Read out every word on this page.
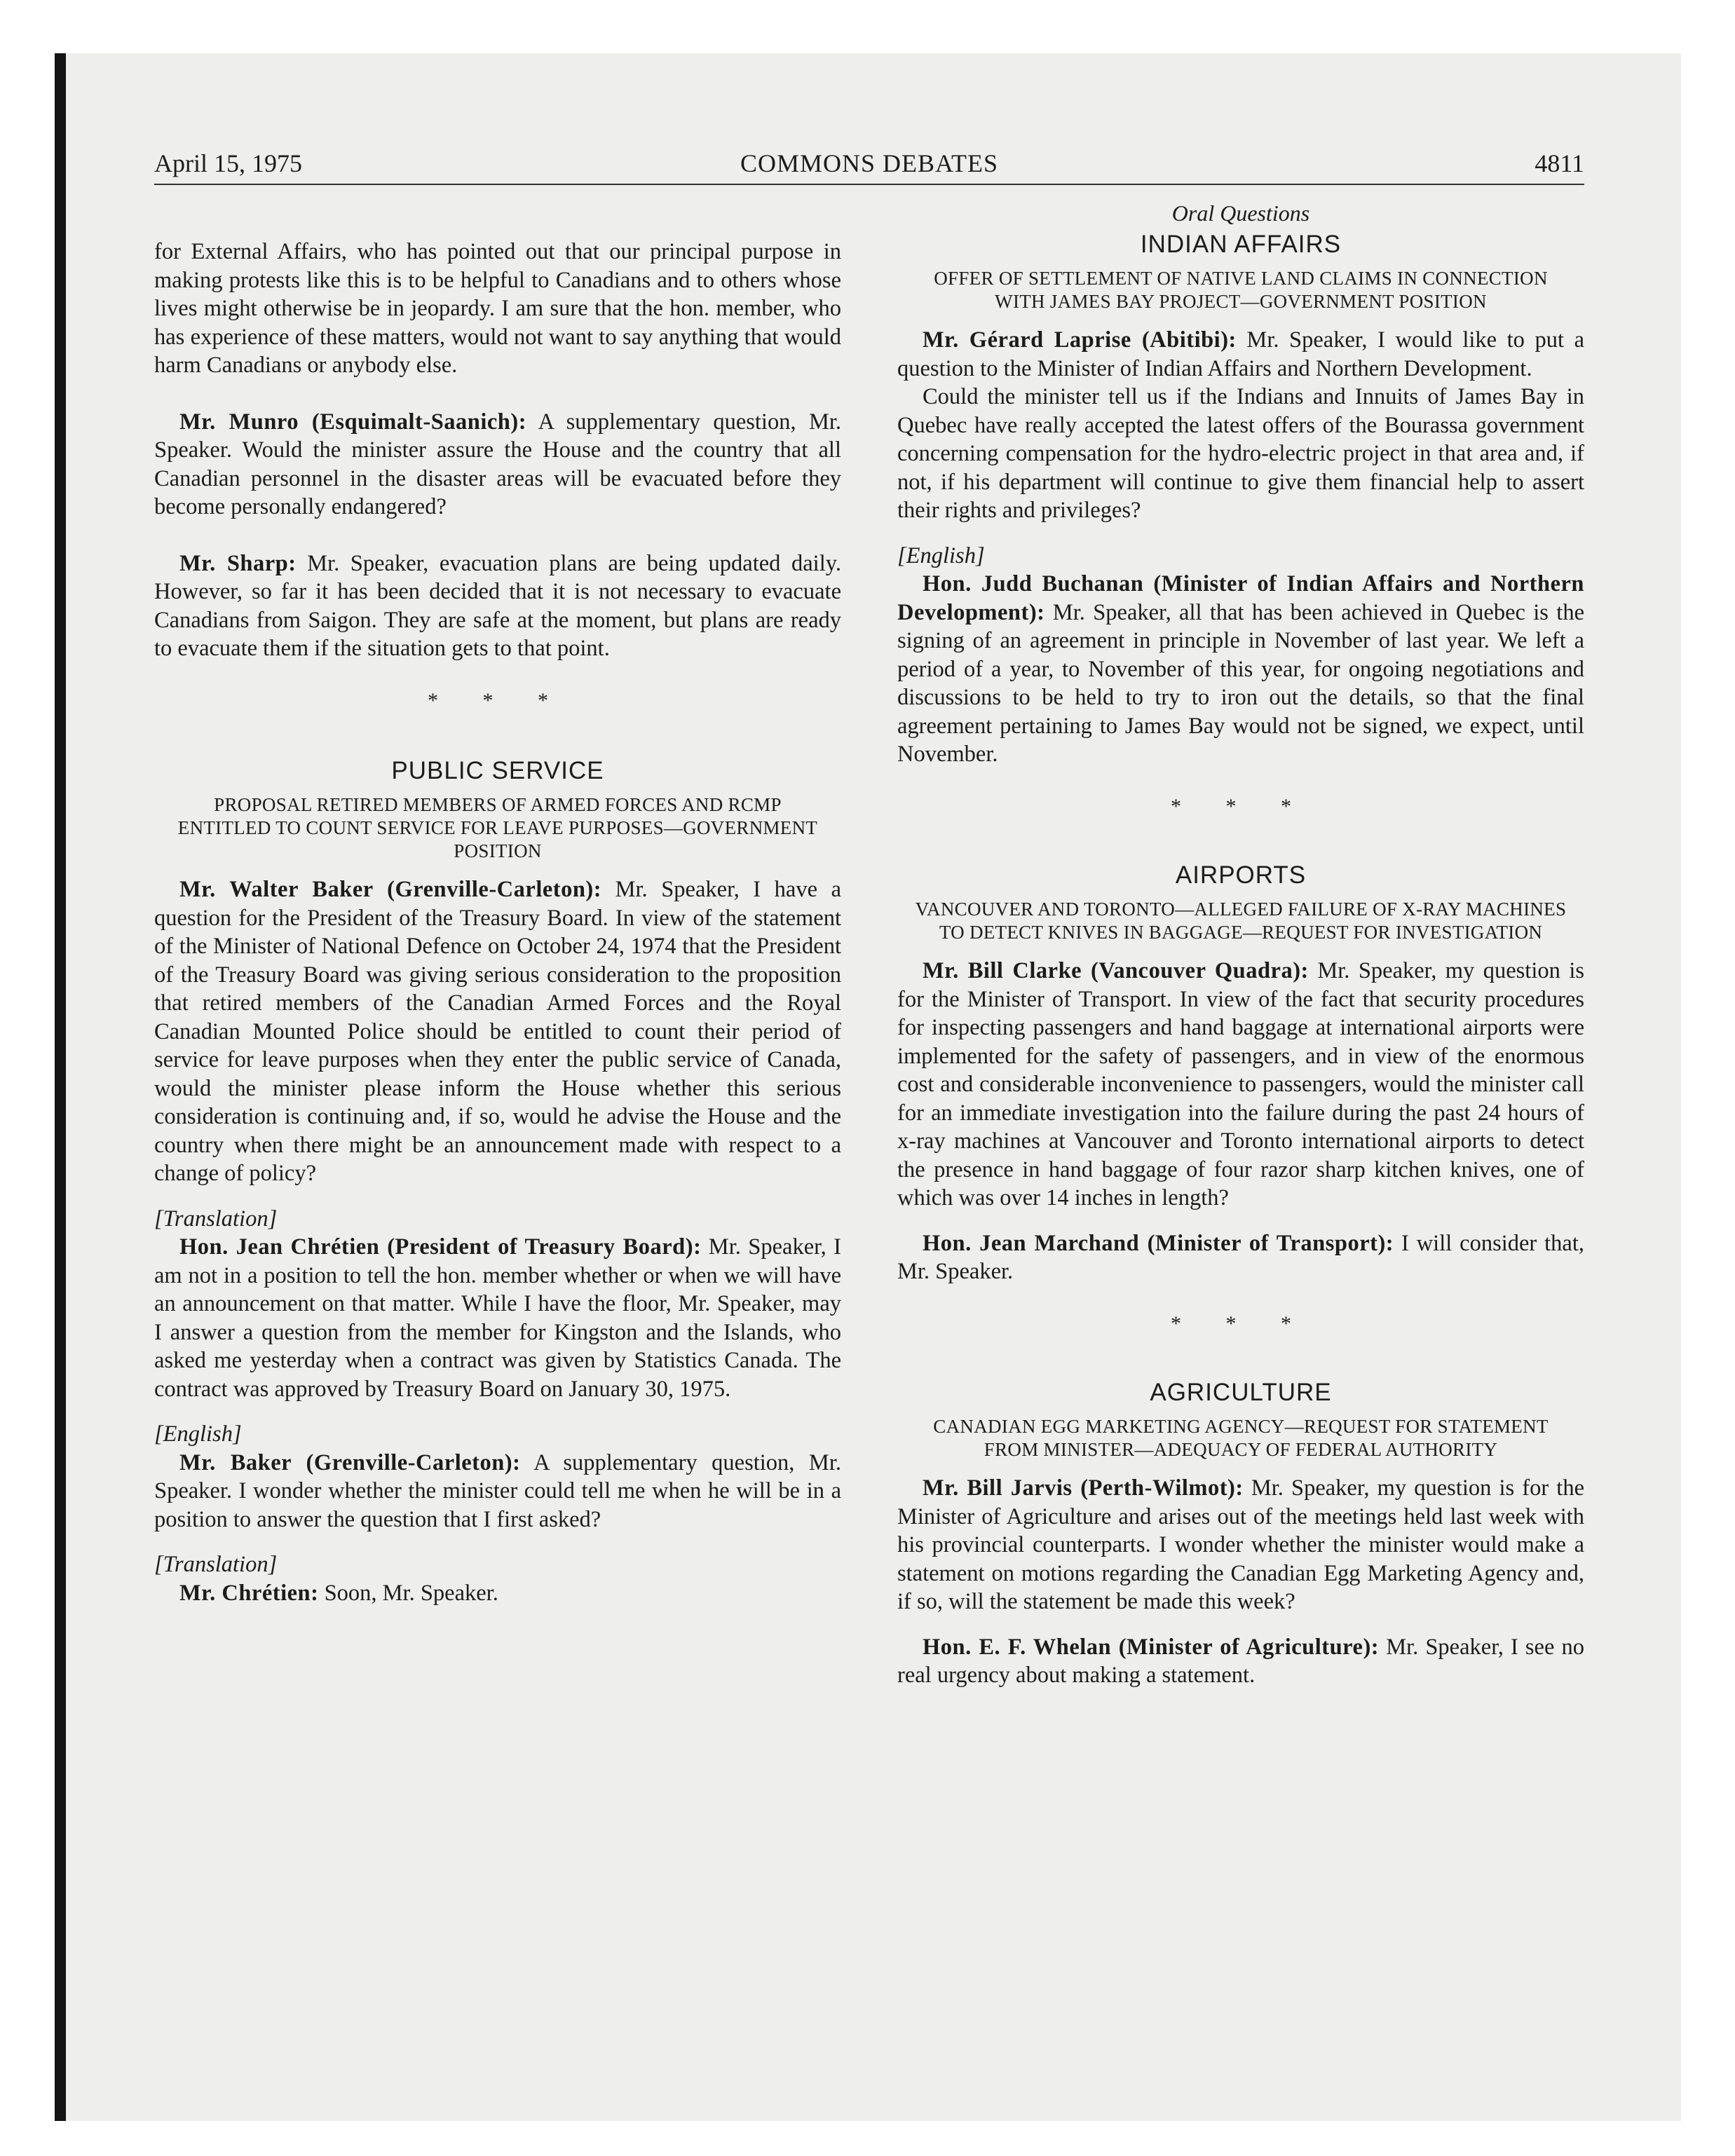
April 15, 1975	COMMONS DEBATES	4811

for External Affairs, who has pointed out that our principal purpose in making protests like this is to be helpful to Canadians and to others whose lives might otherwise be in jeopardy. I am sure that the hon. member, who has experience of these matters, would not want to say anything that would harm Canadians or anybody else.

Mr. Munro (Esquimalt-Saanich): A supplementary question, Mr. Speaker. Would the minister assure the House and the country that all Canadian personnel in the disaster areas will be evacuated before they become personally endangered?

Mr. Sharp: Mr. Speaker, evacuation plans are being updated daily. However, so far it has been decided that it is not necessary to evacuate Canadians from Saigon. They are safe at the moment, but plans are ready to evacuate them if the situation gets to that point.

* * *
PUBLIC SERVICE
PROPOSAL RETIRED MEMBERS OF ARMED FORCES AND RCMP ENTITLED TO COUNT SERVICE FOR LEAVE PURPOSES—GOVERNMENT POSITION

Mr. Walter Baker (Grenville-Carleton): Mr. Speaker, I have a question for the President of the Treasury Board. In view of the statement of the Minister of National Defence on October 24, 1974 that the President of the Treasury Board was giving serious consideration to the proposition that retired members of the Canadian Armed Forces and the Royal Canadian Mounted Police should be entitled to count their period of service for leave purposes when they enter the public service of Canada, would the minister please inform the House whether this serious consideration is continuing and, if so, would he advise the House and the country when there might be an announcement made with respect to a change of policy?

[Translation]

Hon. Jean Chrétien (President of Treasury Board): Mr. Speaker, I am not in a position to tell the hon. member whether or when we will have an announcement on that matter. While I have the floor, Mr. Speaker, may I answer a question from the member for Kingston and the Islands, who asked me yesterday when a contract was given by Statistics Canada. The contract was approved by Treasury Board on January 30, 1975.

[English]

Mr. Baker (Grenville-Carleton): A supplementary question, Mr. Speaker. I wonder whether the minister could tell me when he will be in a position to answer the question that I first asked?

[Translation]

Mr. Chrétien: Soon, Mr. Speaker.

Oral Questions
INDIAN AFFAIRS
OFFER OF SETTLEMENT OF NATIVE LAND CLAIMS IN CONNECTION WITH JAMES BAY PROJECT—GOVERNMENT POSITION

Mr. Gérard Laprise (Abitibi): Mr. Speaker, I would like to put a question to the Minister of Indian Affairs and Northern Development.

Could the minister tell us if the Indians and Innuits of James Bay in Quebec have really accepted the latest offers of the Bourassa government concerning compensation for the hydro-electric project in that area and, if not, if his department will continue to give them financial help to assert their rights and privileges?

[English]

Hon. Judd Buchanan (Minister of Indian Affairs and Northern Development): Mr. Speaker, all that has been achieved in Quebec is the signing of an agreement in principle in November of last year. We left a period of a year, to November of this year, for ongoing negotiations and discussions to be held to try to iron out the details, so that the final agreement pertaining to James Bay would not be signed, we expect, until November.

* * *
AIRPORTS
VANCOUVER AND TORONTO—ALLEGED FAILURE OF X-RAY MACHINES TO DETECT KNIVES IN BAGGAGE—REQUEST FOR INVESTIGATION

Mr. Bill Clarke (Vancouver Quadra): Mr. Speaker, my question is for the Minister of Transport. In view of the fact that security procedures for inspecting passengers and hand baggage at international airports were implemented for the safety of passengers, and in view of the enormous cost and considerable inconvenience to passengers, would the minister call for an immediate investigation into the failure during the past 24 hours of x-ray machines at Vancouver and Toronto international airports to detect the presence in hand baggage of four razor sharp kitchen knives, one of which was over 14 inches in length?

Hon. Jean Marchand (Minister of Transport): I will consider that, Mr. Speaker.

* * *
AGRICULTURE
CANADIAN EGG MARKETING AGENCY—REQUEST FOR STATEMENT FROM MINISTER—ADEQUACY OF FEDERAL AUTHORITY

Mr. Bill Jarvis (Perth-Wilmot): Mr. Speaker, my question is for the Minister of Agriculture and arises out of the meetings held last week with his provincial counterparts. I wonder whether the minister would make a statement on motions regarding the Canadian Egg Marketing Agency and, if so, will the statement be made this week?

Hon. E. F. Whelan (Minister of Agriculture): Mr. Speaker, I see no real urgency about making a statement.
